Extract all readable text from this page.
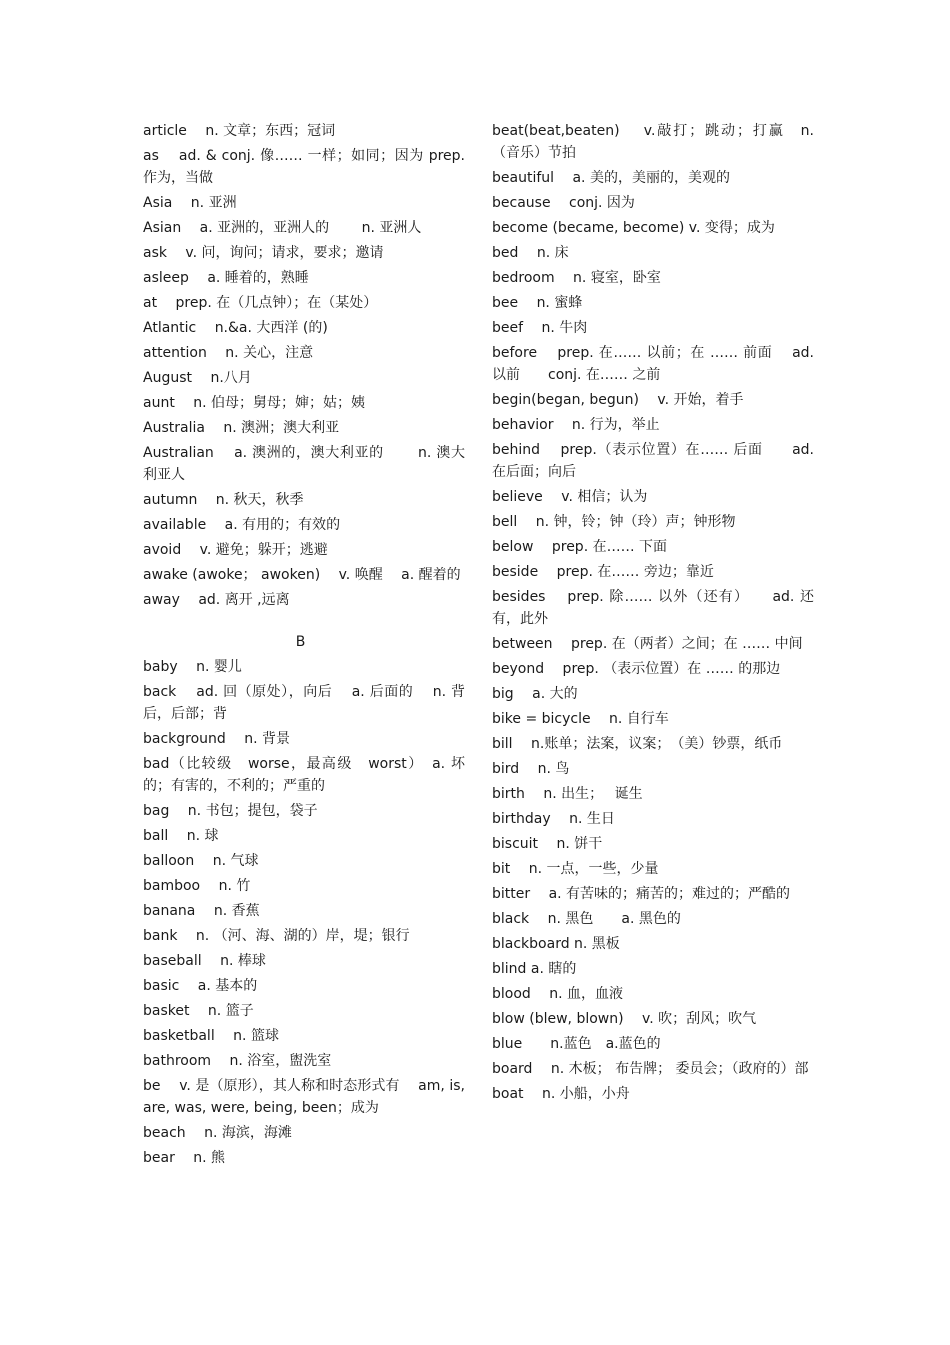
article　 n. 文章；东西；冠词
as　 ad. & conj. 像…… 一样；如同；因为 prep. 作为，当做
Asia　 n. 亚洲
Asian　 a. 亚洲的，亚洲人的　　 n. 亚洲人
ask　 v. 问，询问；请求，要求；邀请
asleep　 a. 睡着的，熟睡
at　 prep. 在（几点钟）；在（某处）
Atlantic　 n.&a. 大西洋 (的)
attention　 n. 关心，注意
August　 n.八月
aunt　 n. 伯母；舅母；婶；姑；姨
Australia　 n. 澳洲；澳大利亚
Australian　 a. 澳洲的，澳大利亚的　　 n. 澳大利亚人
autumn　 n. 秋天，秋季
available　 a. 有用的；有效的
avoid　 v. 避免；躲开；逃避
awake (awoke； awoken)　 v. 唤醒　 a. 醒着的
away　 ad. 离开 ,远离
B
baby　 n. 婴儿
back　 ad. 回（原处），向后　 a. 后面的　 n. 背后，后部；背
background　 n. 背景
bad（比较级　worse，最高级　worst）　a. 坏的；有害的，不利的；严重的
bag　 n. 书包；提包，袋子
ball　 n. 球
balloon　 n. 气球
bamboo　 n. 竹
banana　 n. 香蕉
bank　 n. （河、海、湖的）岸，堤；银行
baseball　 n. 棒球
basic　 a. 基本的
basket　 n. 篮子
basketball　 n. 篮球
bathroom　 n. 浴室，盥洗室
be　 v. 是（原形），其人称和时态形式有　 am, is, are, was, were, being, been；成为
beach　 n. 海滨，海滩
bear　 n. 熊
beat(beat,beaten)　 v.敲打；跳动；打赢　n.（音乐）节拍
beautiful　 a. 美的，美丽的，美观的
because　 conj. 因为
become (became, become) v. 变得；成为
bed　 n. 床
bedroom　 n. 寝室，卧室
bee　 n. 蜜蜂
beef　 n. 牛肉
before　 prep. 在…… 以前；在 …… 前面　 ad. 以前　　conj. 在…… 之前
begin(began, begun)　 v. 开始，着手
behavior　 n. 行为，举止
behind　 prep.（表示位置）在…… 后面　　ad. 在后面；向后
believe　 v. 相信；认为
bell　 n. 钟，铃；钟（玲）声；钟形物
below　 prep. 在…… 下面
beside　 prep. 在…… 旁边；靠近
besides　 prep. 除…… 以外（还有）　　ad. 还有，此外
between　 prep. 在（两者）之间；在 …… 中间
beyond　 prep. （表示位置）在 …… 的那边
big　 a. 大的
bike = bicycle　 n. 自行车
bill　 n.账单；法案，议案；　（美）钞票，纸币
bird　 n. 鸟
birth　 n. 出生；　 诞生
birthday　 n. 生日
biscuit　 n. 饼干
bit　 n. 一点，一些，少量
bitter　 a. 有苦味的；痛苦的；难过的；严酷的
black　 n. 黑色　　a. 黑色的
blackboard n. 黑板
blind a. 瞎的
blood　 n. 血，血液
blow (blew, blown)　 v. 吹；刮风；吹气
blue　　n.蓝色　a.蓝色的
board　 n. 木板； 布告牌； 委员会；（政府的）部
boat　 n. 小船，小舟
